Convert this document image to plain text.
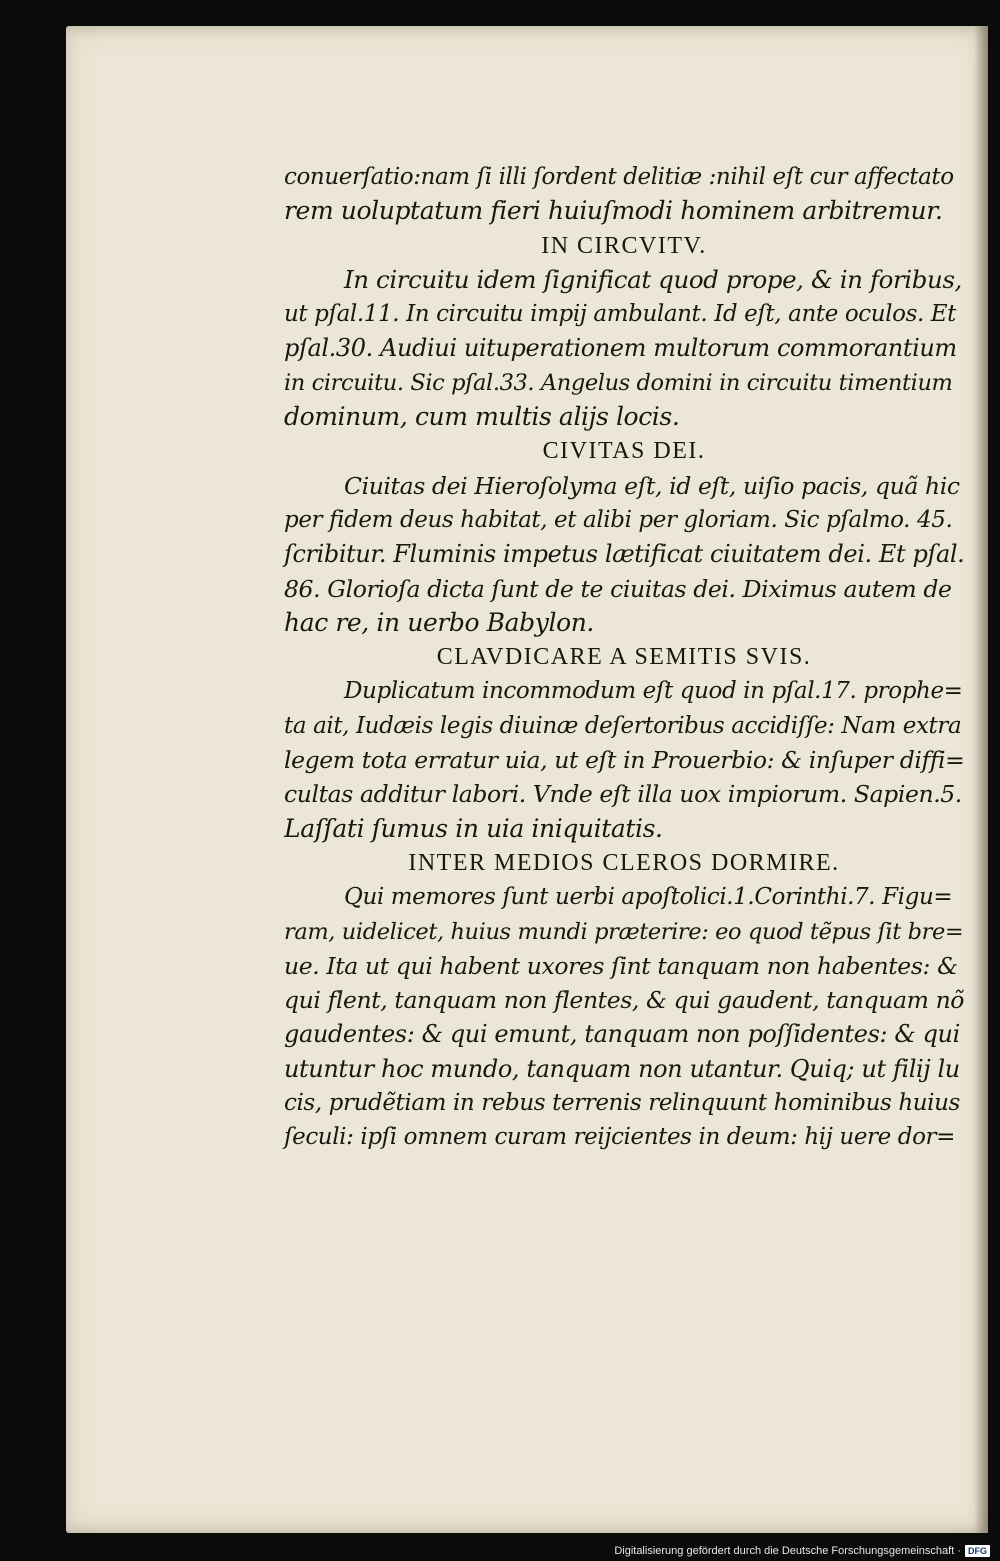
conuerſatio:nam ſi illi ſordent delitiæ :nihil eſt cur affectato
rem uoluptatum fieri huiuſmodi hominem arbitremur.
IN CIRCVITV.
In circuitu idem ſignificat quod prope, & in foribus,
ut pſal.11. In circuitu impij ambulant. Id eſt, ante oculos. Et
pſal.30. Audiui uituperationem multorum commorantium
in circuitu. Sic pſal.33. Angelus domini in circuitu timentium
dominum, cum multis alijs locis.
CIVITAS DEI.
Ciuitas dei Hieroſolyma eſt, id eſt, uiſio pacis, quã hic
per fidem deus habitat, et alibi per gloriam. Sic pſalmo. 45.
ſcribitur. Fluminis impetus lætificat ciuitatem dei. Et pſal.
86. Glorioſa dicta ſunt de te ciuitas dei. Diximus autem de
hac re, in uerbo Babylon.
CLAVDICARE A SEMITIS SVIS.
Duplicatum incommodum eſt quod in pſal.17. prophe=
ta ait, Iudæis legis diuinæ deſertoribus accidiſſe: Nam extra
legem tota erratur uia, ut eſt in Prouerbio: & inſuper diffi=
cultas additur labori. Vnde eſt illa uox impiorum. Sapien.5.
Laſſati ſumus in uia iniquitatis.
INTER MEDIOS CLEROS DORMIRE.
Qui memores ſunt uerbi apoſtolici.1.Corinthi.7. Figu=
ram, uidelicet, huius mundi præterire: eo quod tẽpus ſit bre=
ue. Ita ut qui habent uxores ſint tanquam non habentes: &
qui flent, tanquam non flentes, & qui gaudent, tanquam nõ
gaudentes: & qui emunt, tanquam non poſſidentes: & qui
utuntur hoc mundo, tanquam non utantur. Quiq; ut filij lu
cis, prudẽtiam in rebus terrenis relinquunt hominibus huius
ſeculi: ipſi omnem curam reijcientes in deum: hij uere dor=
Digitalisierung gefördert durch die Deutsche Forschungsgemeinschaft · DFG
